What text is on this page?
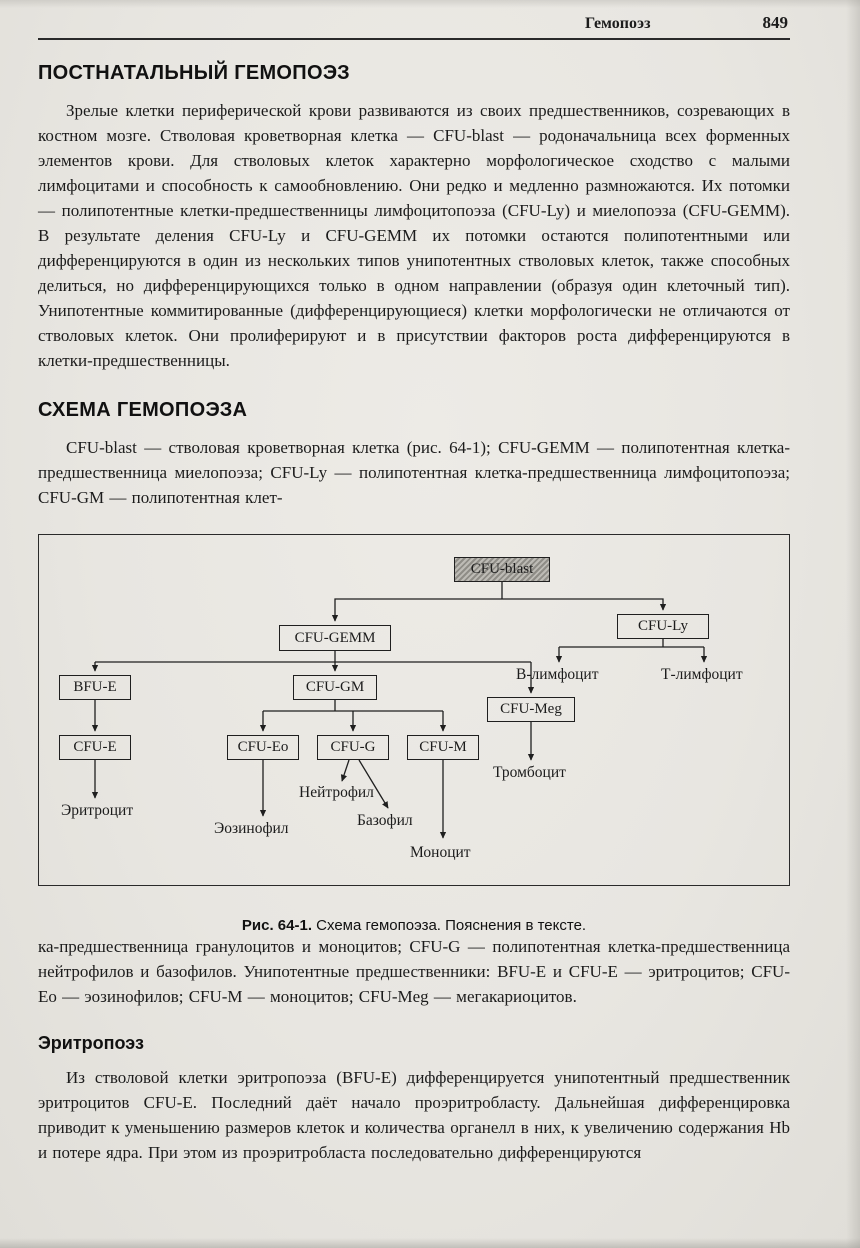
Гемопоэз	849
ПОСТНАТАЛЬНЫЙ ГЕМОПОЭЗ

Зрелые клетки периферической крови развиваются из своих предшественников, созревающих в костном мозге. Стволовая кроветворная клетка — CFU-blast — родоначальница всех форменных элементов крови. Для стволовых клеток характерно морфологическое сходство с малыми лимфоцитами и способность к самообновлению. Они редко и медленно размножаются. Их потомки — полипотентные клетки-предшественницы лимфоцитопоэза (CFU-Ly) и миелопоэза (CFU-GEMM). В результате деления CFU-Ly и CFU-GEMM их потомки остаются полипотентными или дифференцируются в один из нескольких типов унипотентных стволовых клеток, также способных делиться, но дифференцирующихся только в одном направлении (образуя один клеточный тип). Унипотентные коммитированные (дифференцирующиеся) клетки морфологически не отличаются от стволовых клеток. Они пролиферируют и в присутствии факторов роста дифференцируются в клетки-предшественницы.

СХЕМА ГЕМОПОЭЗА

CFU-blast — стволовая кроветворная клетка (рис. 64-1); CFU-GEMM — полипотентная клетка-предшественница миелопоэза; CFU-Ly — полипотентная клетка-предшественница лимфоцитопоэза; CFU-GM — полипотентная клет-

CFU-blast
CFU-GEMM
CFU-Ly
BFU-E	CFU-GM
CFU-Meg
CFU-E	CFU-Eo	CFU-G	CFU-M
В-лимфоцит	Т-лимфоцит
Тромбоцит
Эритроцит
Нейтрофил
Эозинофил	Базофил
Моноцит

Рис. 64-1. Схема гемопоэза. Пояснения в тексте.

ка-предшественница гранулоцитов и моноцитов; CFU-G — полипотентная клетка-предшественница нейтрофилов и базофилов. Унипотентные предшественники: BFU-E и CFU-E — эритроцитов; CFU-Eo — эозинофилов; CFU-M — моноцитов; CFU-Meg — мегакариоцитов.

Эритропоэз

Из стволовой клетки эритропоэза (BFU-E) дифференцируется унипотентный предшественник эритроцитов CFU-E. Последний даёт начало проэритробласту. Дальнейшая дифференцировка приводит к уменьшению размеров клеток и количества органелл в них, к увеличению содержания Hb и потере ядра. При этом из проэритробласта последовательно дифференцируются
